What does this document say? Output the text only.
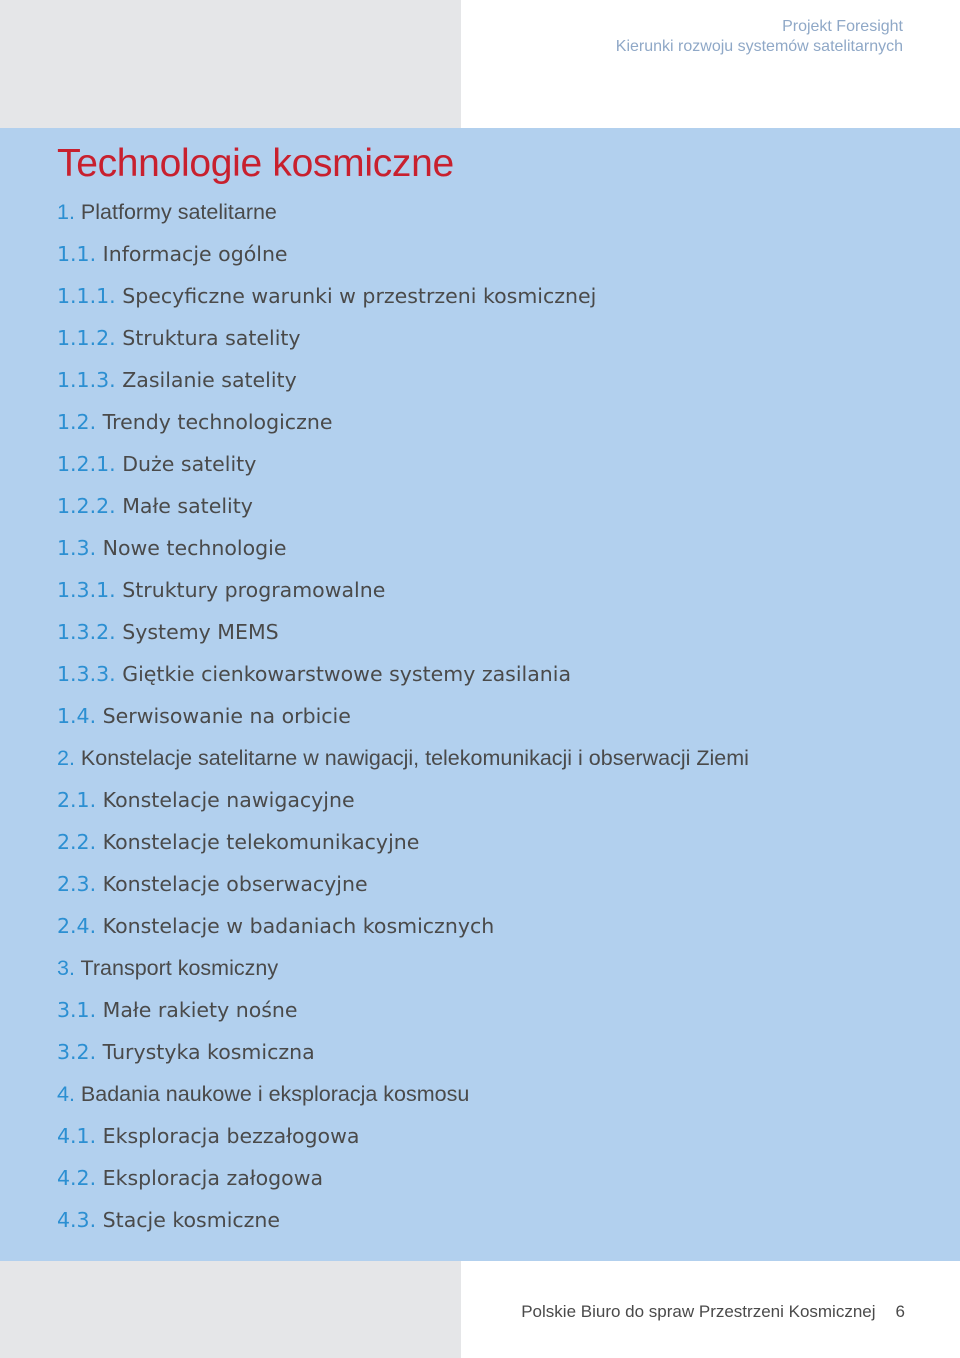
Projekt Foresight
Kierunki rozwoju systemów satelitarnych
Technologie kosmiczne
1. Platformy satelitarne
1.1. Informacje ogólne
1.1.1. Specyficzne warunki w przestrzeni kosmicznej
1.1.2. Struktura satelity
1.1.3. Zasilanie satelity
1.2. Trendy technologiczne
1.2.1. Duże satelity
1.2.2. Małe satelity
1.3. Nowe technologie
1.3.1. Struktury programowalne
1.3.2. Systemy MEMS
1.3.3. Giętkie cienkowarstwowe systemy zasilania
1.4. Serwisowanie na orbicie
2. Konstelacje satelitarne w nawigacji, telekomunikacji i obserwacji Ziemi
2.1. Konstelacje nawigacyjne
2.2. Konstelacje telekomunikacyjne
2.3. Konstelacje obserwacyjne
2.4. Konstelacje w badaniach kosmicznych
3. Transport kosmiczny
3.1. Małe rakiety nośne
3.2. Turystyka kosmiczna
4. Badania naukowe i eksploracja kosmosu
4.1. Eksploracja bezzałogowa
4.2. Eksploracja załogowa
4.3. Stacje kosmiczne
Polskie Biuro do spraw Przestrzeni Kosmicznej 6
